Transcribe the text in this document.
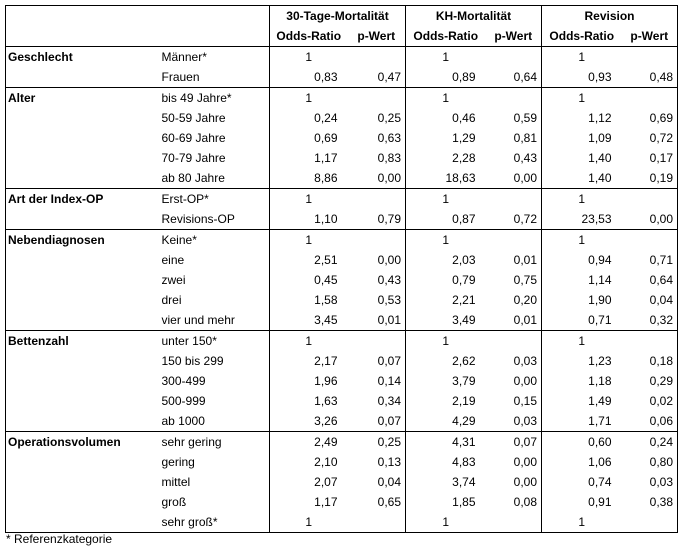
		30-Tage-Mortalität		KH-Mortalität		Revision	
		Odds-Ratio	p-Wert	Odds-Ratio	p-Wert	Odds-Ratio	p-Wert
Geschlecht	Männer*	1		1		1	
	Frauen	0,83	0,47	0,89	0,64	0,93	0,48
Alter	bis 49 Jahre*	1		1		1	
	50-59 Jahre	0,24	0,25	0,46	0,59	1,12	0,69
	60-69 Jahre	0,69	0,63	1,29	0,81	1,09	0,72
	70-79 Jahre	1,17	0,83	2,28	0,43	1,40	0,17
	ab 80 Jahre	8,86	0,00	18,63	0,00	1,40	0,19
Art der Index-OP	Erst-OP*	1		1		1	
	Revisions-OP	1,10	0,79	0,87	0,72	23,53	0,00
Nebendiagnosen	Keine*	1		1		1	
	eine	2,51	0,00	2,03	0,01	0,94	0,71
	zwei	0,45	0,43	0,79	0,75	1,14	0,64
	drei	1,58	0,53	2,21	0,20	1,90	0,04
	vier und mehr	3,45	0,01	3,49	0,01	0,71	0,32
Bettenzahl	unter 150*	1		1		1	
	150 bis 299	2,17	0,07	2,62	0,03	1,23	0,18
	300-499	1,96	0,14	3,79	0,00	1,18	0,29
	500-999	1,63	0,34	2,19	0,15	1,49	0,02
	ab 1000	3,26	0,07	4,29	0,03	1,71	0,06
Operationsvolumen	sehr gering	2,49	0,25	4,31	0,07	0,60	0,24
	gering	2,10	0,13	4,83	0,00	1,06	0,80
	mittel	2,07	0,04	3,74	0,00	0,74	0,03
	groß	1,17	0,65	1,85	0,08	0,91	0,38
	sehr groß*	1		1		1	
* Referenzkategorie
